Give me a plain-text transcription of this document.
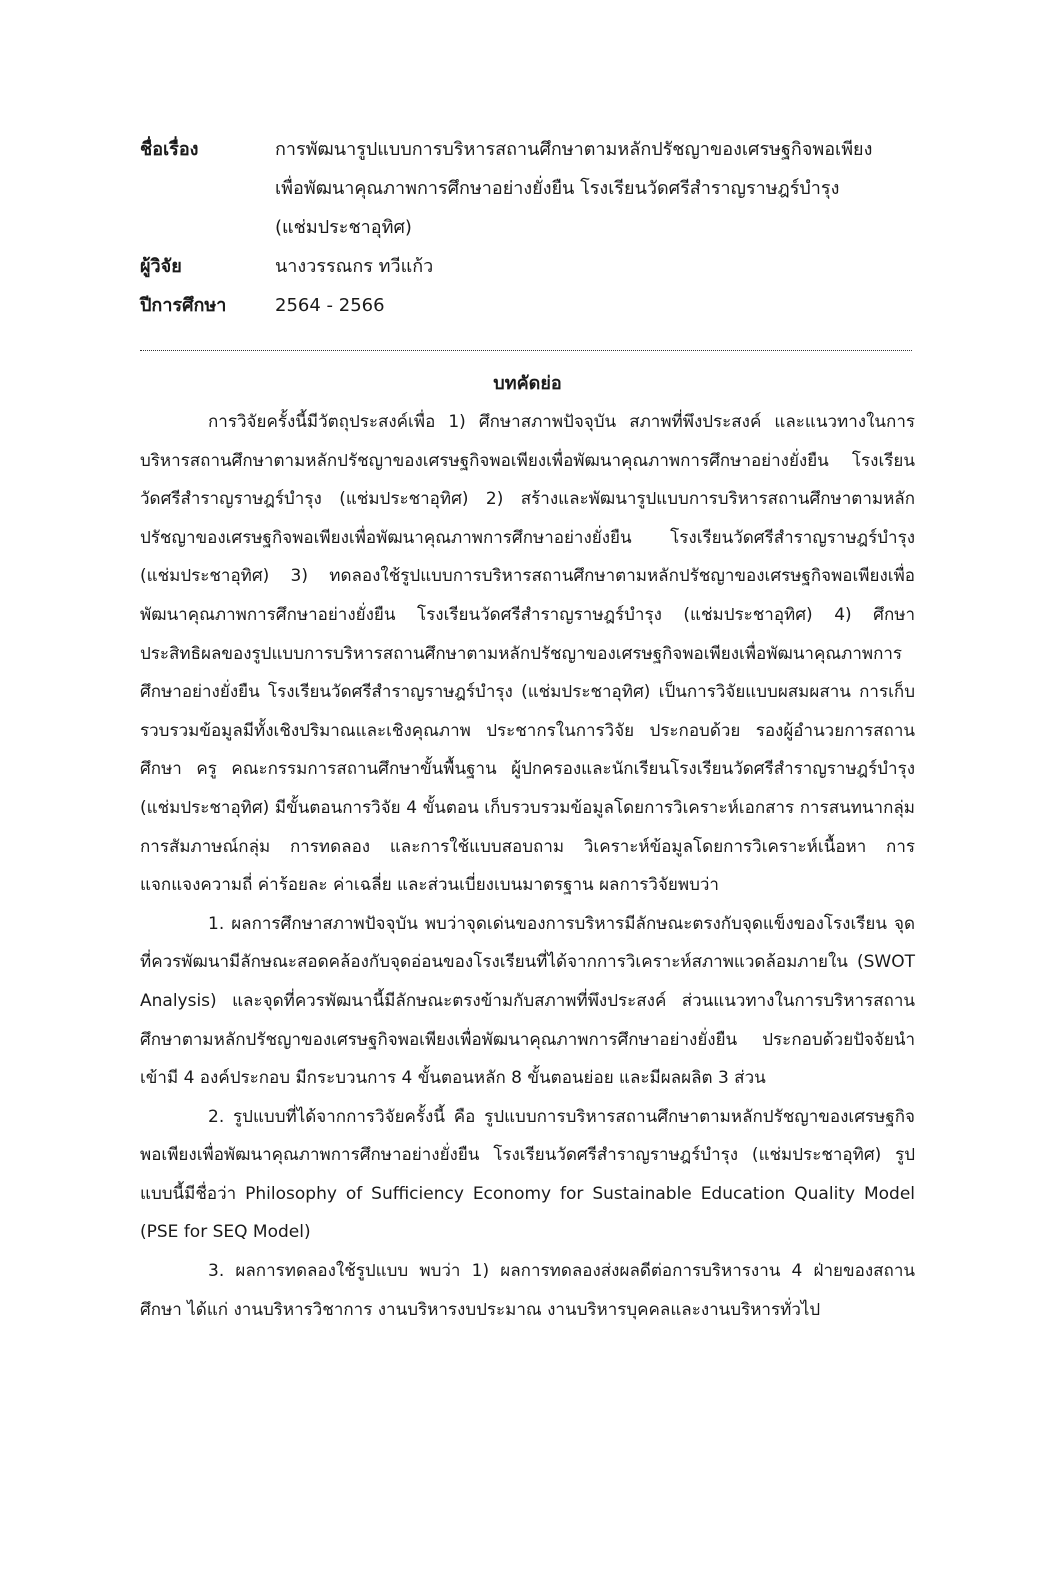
ชื่อเรื่อง	การพัฒนารูปแบบการบริหารสถานศึกษาตามหลักปรัชญาของเศรษฐกิจพอเพียง
เพื่อพัฒนาคุณภาพการศึกษาอย่างยั่งยืน โรงเรียนวัดศรีสำราญราษฎร์บำรุง
(แช่มประชาอุทิศ)
ผู้วิจัย	นางวรรณกร ทวีแก้ว
ปีการศึกษา	2564 - 2566

บทคัดย่อ

การวิจัยครั้งนี้มีวัตถุประสงค์เพื่อ 1) ศึกษาสภาพปัจจุบัน สภาพที่พึงประสงค์ และแนวทางในการบริหารสถานศึกษาตามหลักปรัชญาของเศรษฐกิจพอเพียงเพื่อพัฒนาคุณภาพการศึกษาอย่างยั่งยืน โรงเรียนวัดศรีสำราญราษฎร์บำรุง (แช่มประชาอุทิศ) 2) สร้างและพัฒนารูปแบบการบริหารสถานศึกษาตามหลักปรัชญาของเศรษฐกิจพอเพียงเพื่อพัฒนาคุณภาพการศึกษาอย่างยั่งยืน โรงเรียนวัดศรีสำราญราษฎร์บำรุง (แช่มประชาอุทิศ) 3) ทดลองใช้รูปแบบการบริหารสถานศึกษาตามหลักปรัชญาของเศรษฐกิจพอเพียงเพื่อพัฒนาคุณภาพการศึกษาอย่างยั่งยืน โรงเรียนวัดศรีสำราญราษฎร์บำรุง (แช่มประชาอุทิศ) 4) ศึกษาประสิทธิผลของรูปแบบการบริหารสถานศึกษาตามหลักปรัชญาของเศรษฐกิจพอเพียงเพื่อพัฒนาคุณภาพการศึกษาอย่างยั่งยืน โรงเรียนวัดศรีสำราญราษฎร์บำรุง (แช่มประชาอุทิศ) เป็นการวิจัยแบบผสมผสาน การเก็บรวบรวมข้อมูลมีทั้งเชิงปริมาณและเชิงคุณภาพ ประชากรในการวิจัย ประกอบด้วย รองผู้อำนวยการสถานศึกษา ครู คณะกรรมการสถานศึกษาขั้นพื้นฐาน ผู้ปกครองและนักเรียนโรงเรียนวัดศรีสำราญราษฎร์บำรุง (แช่มประชาอุทิศ) มีขั้นตอนการวิจัย 4 ขั้นตอน เก็บรวบรวมข้อมูลโดยการวิเคราะห์เอกสาร การสนทนากลุ่ม การสัมภาษณ์กลุ่ม การทดลอง และการใช้แบบสอบถาม วิเคราะห์ข้อมูลโดยการวิเคราะห์เนื้อหา การแจกแจงความถี่ ค่าร้อยละ ค่าเฉลี่ย และส่วนเบี่ยงเบนมาตรฐาน ผลการวิจัยพบว่า

1. ผลการศึกษาสภาพปัจจุบัน พบว่าจุดเด่นของการบริหารมีลักษณะตรงกับจุดแข็งของโรงเรียน จุดที่ควรพัฒนามีลักษณะสอดคล้องกับจุดอ่อนของโรงเรียนที่ได้จากการวิเคราะห์สภาพแวดล้อมภายใน (SWOT Analysis) และจุดที่ควรพัฒนานี้มีลักษณะตรงข้ามกับสภาพที่พึงประสงค์ ส่วนแนวทางในการบริหารสถานศึกษาตามหลักปรัชญาของเศรษฐกิจพอเพียงเพื่อพัฒนาคุณภาพการศึกษาอย่างยั่งยืน ประกอบด้วยปัจจัยนำเข้ามี 4 องค์ประกอบ มีกระบวนการ 4 ขั้นตอนหลัก 8 ขั้นตอนย่อย และมีผลผลิต 3 ส่วน

2. รูปแบบที่ได้จากการวิจัยครั้งนี้ คือ รูปแบบการบริหารสถานศึกษาตามหลักปรัชญาของเศรษฐกิจพอเพียงเพื่อพัฒนาคุณภาพการศึกษาอย่างยั่งยืน โรงเรียนวัดศรีสำราญราษฎร์บำรุง (แช่มประชาอุทิศ) รูปแบบนี้มีชื่อว่า Philosophy of Sufficiency Economy for Sustainable Education Quality Model (PSE for SEQ Model)

3. ผลการทดลองใช้รูปแบบ พบว่า 1) ผลการทดลองส่งผลดีต่อการบริหารงาน 4 ฝ่ายของสถานศึกษา ได้แก่ งานบริหารวิชาการ งานบริหารงบประมาณ งานบริหารบุคคลและงานบริหารทั่วไป
